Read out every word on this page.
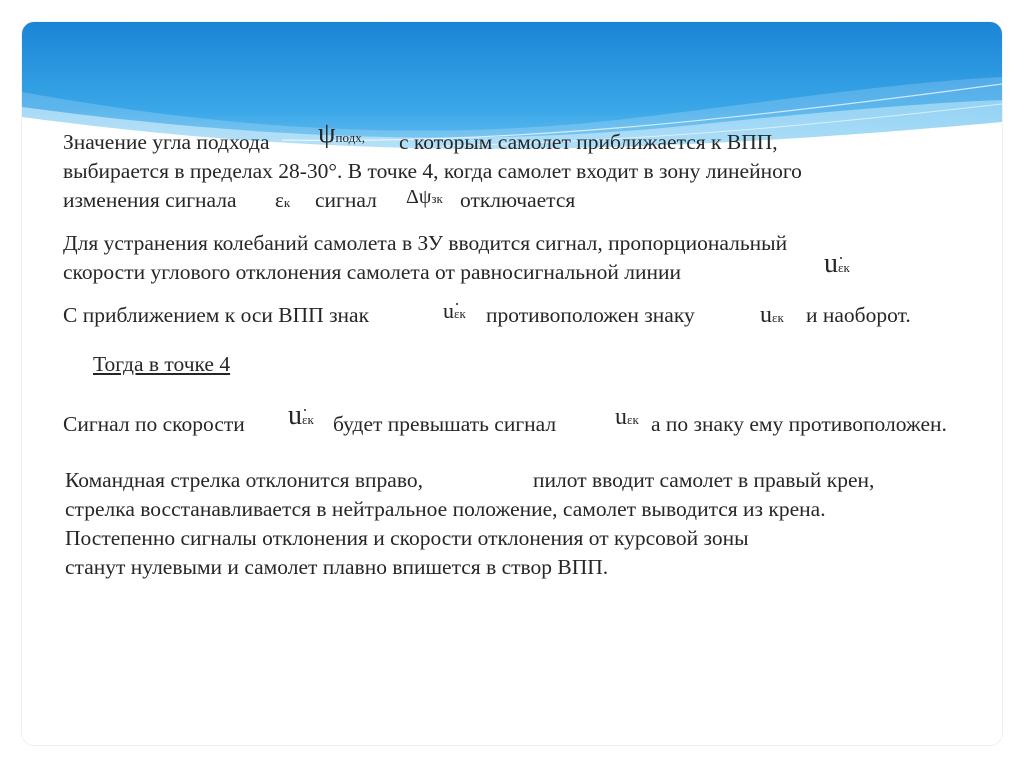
Значение угла подхода ψподх, с которым самолет приближается к ВПП,
выбирается в пределах 28-30°. В точке 4, когда самолет входит в зону линейного
изменения сигнала εк сигнал Δψзк отключается
Для устранения колебаний самолета в ЗУ вводится сигнал, пропорциональный
скорости углового отклонения самолета от равносигнальной линии	uεк
С приближением к оси ВПП знак	uεк противоположен знаку	uεк и наоборот.
Тогда в точке 4
Сигнал по скорости uεк будет превышать сигнал uεк а по знаку ему противоположен.
Командная стрелка отклонится вправо,	пилот вводит самолет в правый крен,
стрелка восстанавливается в нейтральное положение, самолет выводится из крена.
Постепенно сигналы отклонения и скорости отклонения от курсовой зоны
станут нулевыми и самолет плавно впишется в створ ВПП.
